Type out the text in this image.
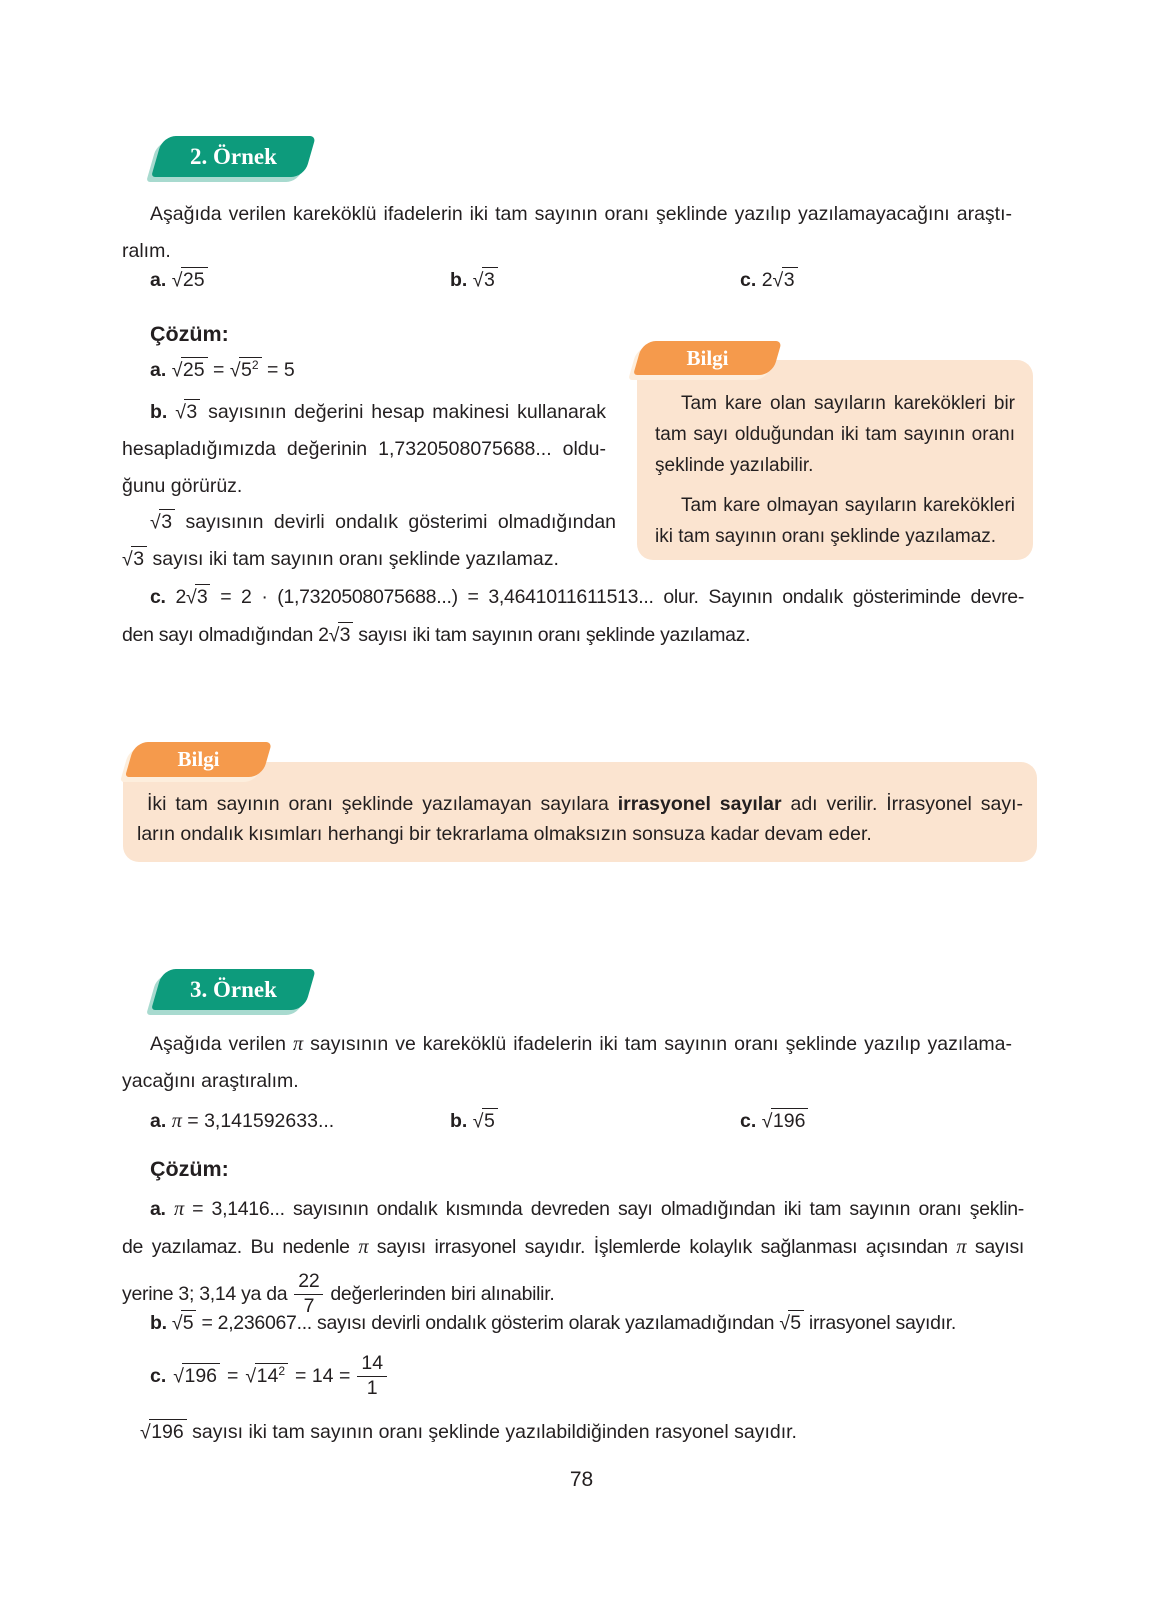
2. Örnek
Aşağıda verilen kareköklü ifadelerin iki tam sayının oranı şeklinde yazılıp yazılamayacağını araştı-
ralım.
a. √25	b. √3	c. 2√3
Çözüm:
a. $√25 = √5^2 = 5$
b. √3 sayısının değerini hesap makinesi kullanarak
hesapladığımızda değerinin 1,7320508075688... oldu-
ğunu görürüz.
√3 sayısının devirli ondalık gösterimi olmadığından
√3 sayısı iki tam sayının oranı şeklinde yazılamaz.

Tam kare olan sayıların karekökleri bir tam sayı olduğundan iki tam sayının oranı şeklinde yazılabilir.

Tam kare olmayan sayıların karekökleri iki tam sayının oranı şeklinde yazılamaz.

Bilgi
c. 2√3 = 2 · (1,7320508075688...) = 3,4641011611513... olur. Sayının ondalık gösteriminde devre-
den sayı olmadığından 2√3 sayısı iki tam sayının oranı şeklinde yazılamaz.
İki tam sayının oranı şeklinde yazılamayan sayılara irrasyonel sayılar adı verilir. İrrasyonel sayı-
ların ondalık kısımları herhangi bir tekrarlama olmaksızın sonsuza kadar devam eder.
Bilgi
3. Örnek
Aşağıda verilen π sayısının ve kareköklü ifadelerin iki tam sayının oranı şeklinde yazılıp yazılama-
yacağını araştıralım.
a. π = 3,141592633...	b. √5	c. √196
Çözüm:
a. π = 3,1416... sayısının ondalık kısmında devreden sayı olmadığından iki tam sayının oranı şeklin-
de yazılamaz. Bu nedenle π sayısı irrasyonel sayıdır. İşlemlerde kolaylık sağlanması açısından π sayısı
yerine 3; 3,14 ya da $\frac{22}{7}$ değerlerinden biri alınabilir.
b. √5 = 2,236067... sayısı devirli ondalık gösterim olarak yazılamadığından √5 irrasyonel sayıdır.
c. $√196 = √14^2 = 14 = \frac{14}{1}$
√196 sayısı iki tam sayının oranı şeklinde yazılabildiğinden rasyonel sayıdır.
78
